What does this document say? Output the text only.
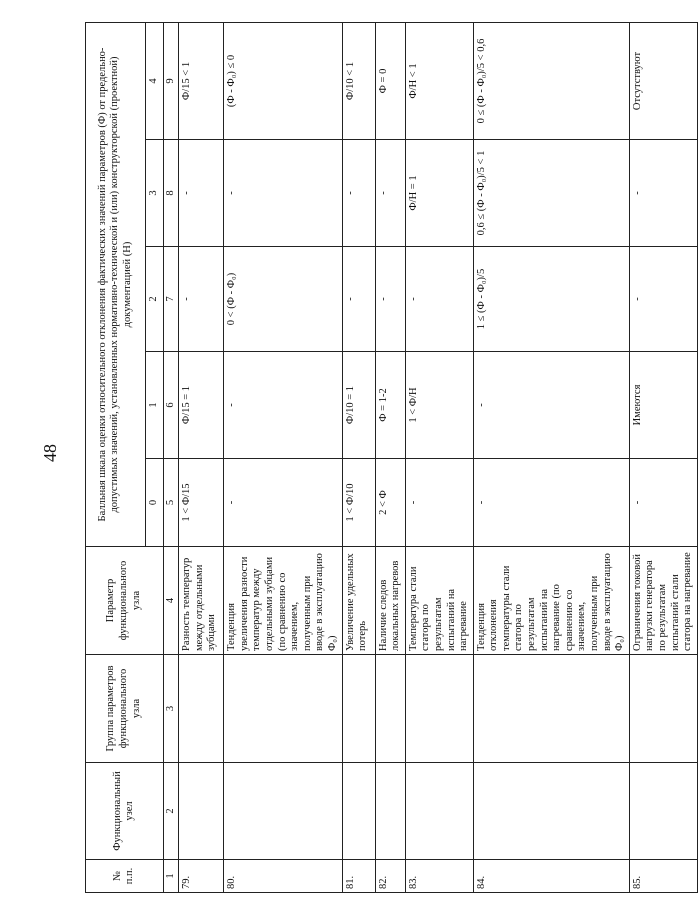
48
№ п.п.	Функциональный узел	Группа параметров функционального узла	Параметр функционального узла	Балльная шкала оценки относительного отклонения фактических значений параметров (Ф) от предельно-допустимых значений, установленных нормативно-технической и (или) конструкторской (проектной) документацией (Н)				
				0	1	2	3	4
1	2	3	4	5	6	7	8	9
79.			Разность температур между отдельными зубцами	1 < Ф/15	Ф/15 = 1	-	-	Ф/15 < 1
80.			Тенденция увеличения разности температур между отдельными зубцами (по сравнению со значением, полученным при вводе в эксплуатацию Ф₀)	-	-	0 < (Ф - Ф₀)	-	(Ф - Ф₀) ≤ 0
81.			Увеличение удельных потерь	1 < Ф/10	Ф/10 = 1	-	-	Ф/10 < 1
82.			Наличие следов локальных нагревов	2 < Ф	Ф = 1-2	-	-	Ф = 0
83.			Температура стали статора по результатам испытаний на нагревание	-	1 < Ф/Н	-	Ф/Н = 1	Ф/Н < 1
84.			Тенденция отклонения температуры стали статора по результатам испытаний на нагревание (по сравнению со значением, полученным при вводе в эксплуатацию Ф₀)	-	-	1 ≤ (Ф - Ф₀)/5	0,6 ≤ (Ф - Ф₀)/5 < 1	0 ≤ (Ф - Ф₀)/5 < 0,6
85.			Ограничения токовой нагрузки генератора по результатам испытаний стали статора на нагревание	-	Имеются	-	-	Отсутствуют
